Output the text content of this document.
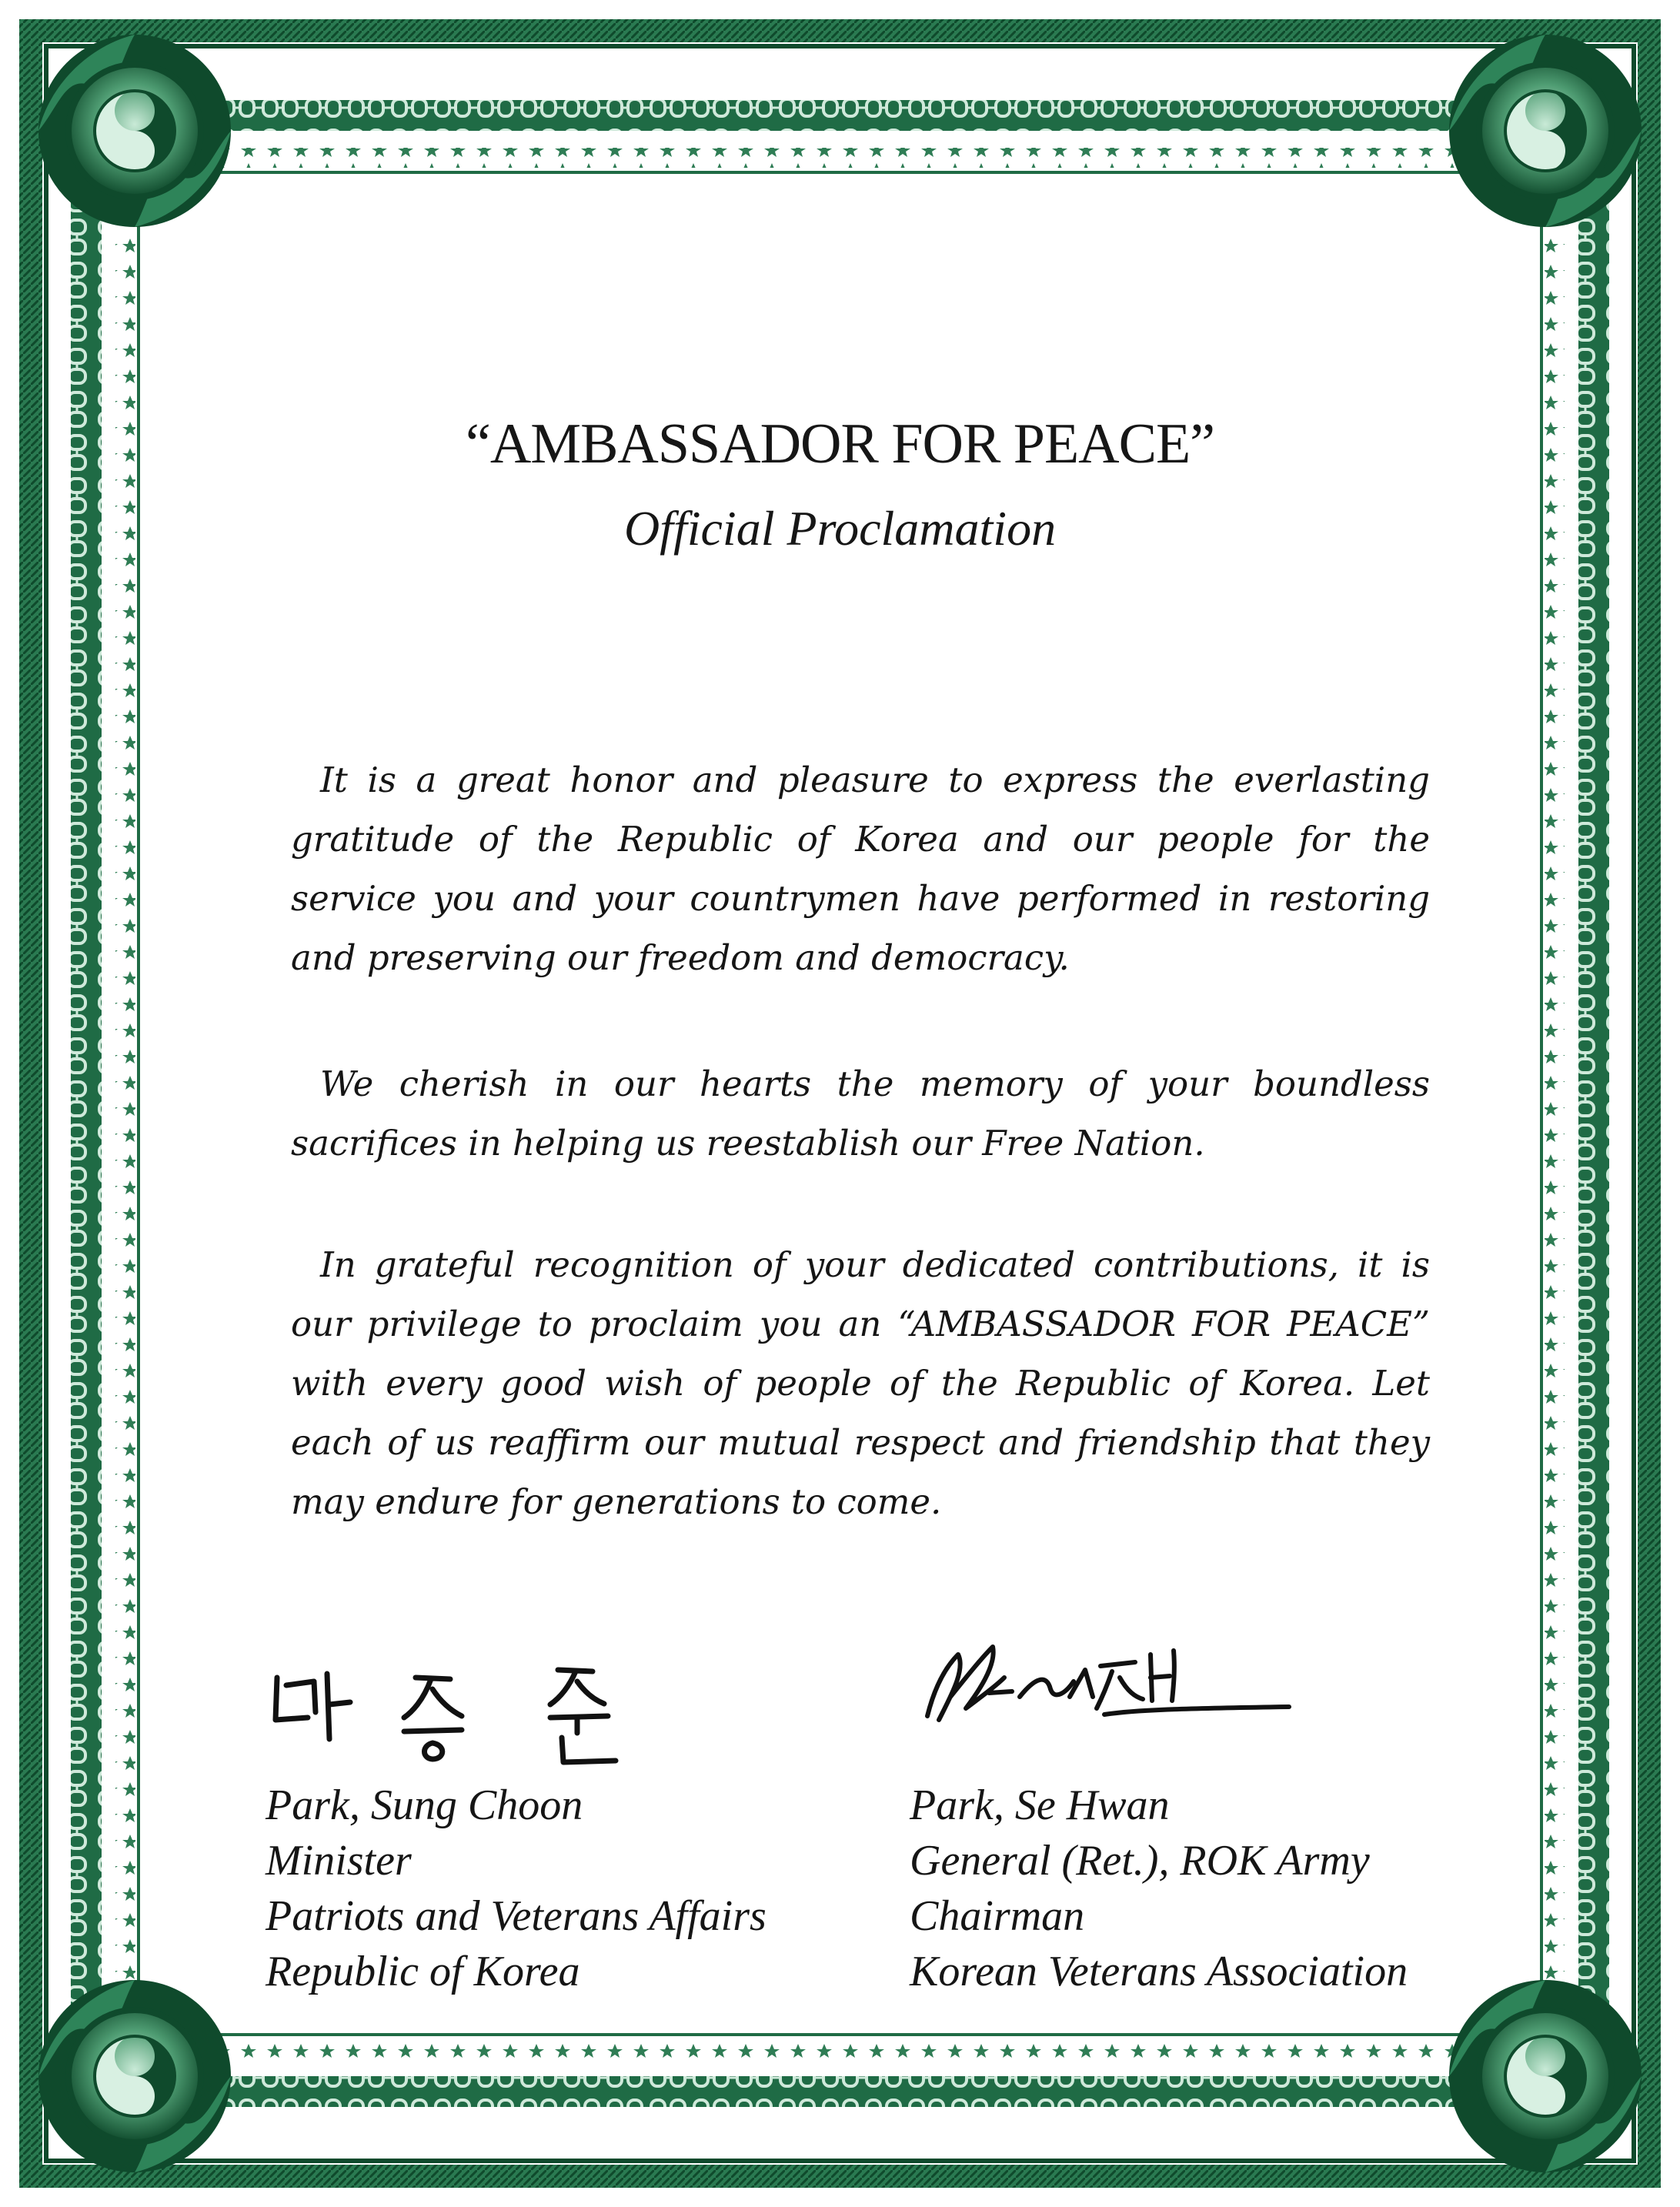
“AMBASSADOR FOR PEACE”
Official Proclamation

It is a great honor and pleasure to express the everlasting gratitude of the Republic of Korea and our people for the service you and your countrymen have performed in restoring and preserving our freedom and democracy.

We cherish in our hearts the memory of your boundless sacrifices in helping us reestablish our Free Nation.

In grateful recognition of your dedicated contributions, it is our privilege to proclaim you an “AMBASSADOR FOR PEACE” with every good wish of people of the Republic of Korea. Let each of us reaffirm our mutual respect and friendship that they may endure for generations to come.

Park, Sung Choon
Minister
Patriots and Veterans Affairs
Republic of Korea
Park, Se Hwan
General (Ret.), ROK Army
Chairman
Korean Veterans Association
